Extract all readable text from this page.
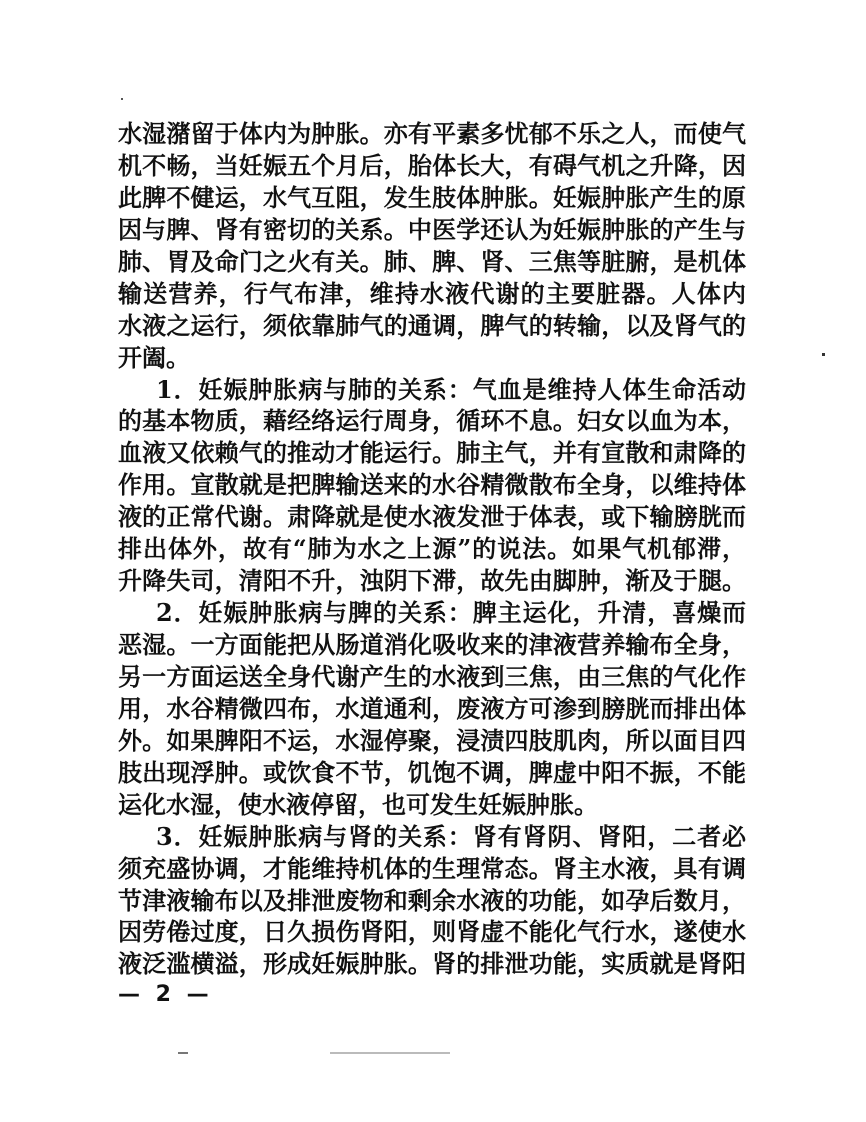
水湿潴留于体内为肿胀。亦有平素多忧郁不乐之人，而使气
机不畅，当妊娠五个月后，胎体长大，有碍气机之升降，因
此脾不健运，水气互阻，发生肢体肿胀。妊娠肿胀产生的原
因与脾、肾有密切的关系。中医学还认为妊娠肿胀的产生与
肺、胃及命门之火有关。肺、脾、肾、三焦等脏腑，是机体
输送营养，行气布津，维持水液代谢的主要脏器。人体内
水液之运行，须依靠肺气的通调，脾气的转输，以及肾气的
开阖。
1．妊娠肿胀病与肺的关系：气血是维持人体生命活动
的基本物质，藉经络运行周身，循环不息。妇女以血为本，
血液又依赖气的推动才能运行。肺主气，并有宣散和肃降的
作用。宣散就是把脾输送来的水谷精微散布全身，以维持体
液的正常代谢。肃降就是使水液发泄于体表，或下输膀胱而
排出体外，故有“肺为水之上源”的说法。如果气机郁滞，
升降失司，清阳不升，浊阴下滞，故先由脚肿，渐及于腿。
2．妊娠肿胀病与脾的关系：脾主运化，升清，喜燥而
恶湿。一方面能把从肠道消化吸收来的津液营养输布全身，
另一方面运送全身代谢产生的水液到三焦，由三焦的气化作
用，水谷精微四布，水道通利，废液方可渗到膀胱而排出体
外。如果脾阳不运，水湿停聚，浸渍四肢肌肉，所以面目四
肢出现浮肿。或饮食不节，饥饱不调，脾虚中阳不振，不能
运化水湿，使水液停留，也可发生妊娠肿胀。
3．妊娠肿胀病与肾的关系：肾有肾阴、肾阳，二者必
须充盛协调，才能维持机体的生理常态。肾主水液，具有调
节津液输布以及排泄废物和剩余水液的功能，如孕后数月，
因劳倦过度，日久损伤肾阳，则肾虚不能化气行水，遂使水
液泛滥横溢，形成妊娠肿胀。肾的排泄功能，实质就是肾阳
— 2 —
